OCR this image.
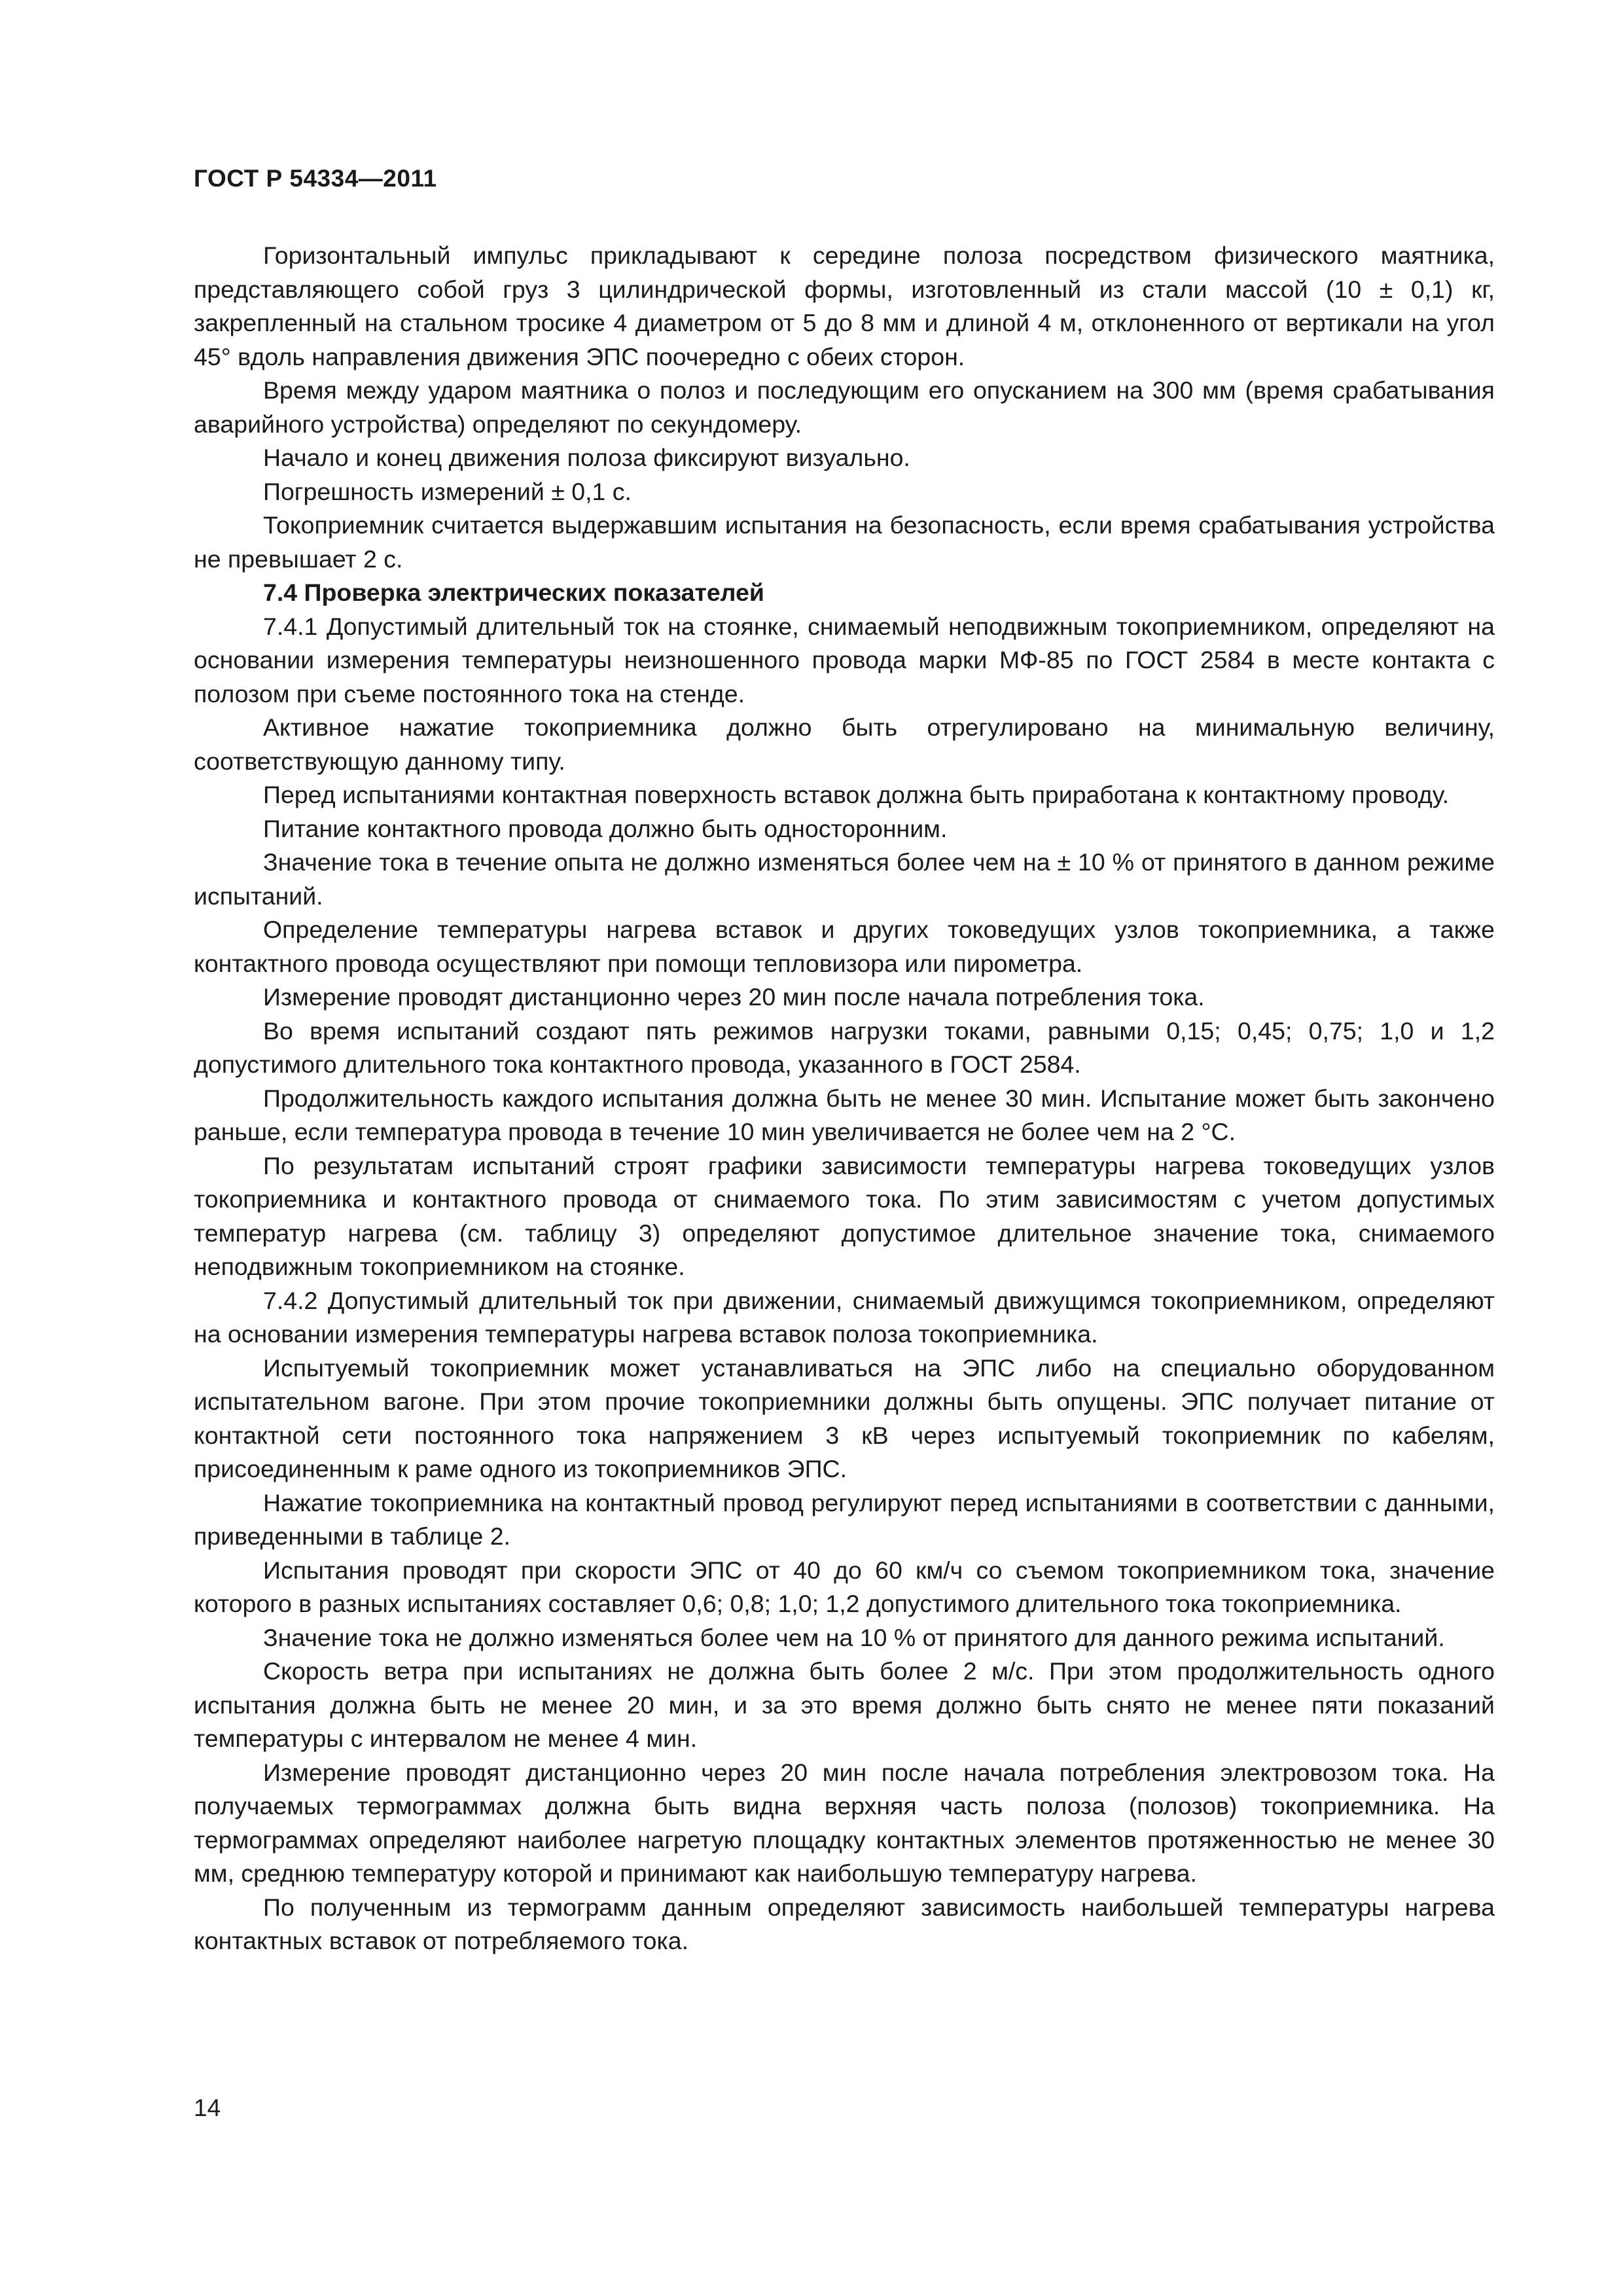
ГОСТ Р 54334—2011

Горизонтальный импульс прикладывают к середине полоза посредством физического маятника, представляющего собой груз 3 цилиндрической формы, изготовленный из стали массой (10 ± 0,1) кг, закрепленный на стальном тросике 4 диаметром от 5 до 8 мм и длиной 4 м, отклоненного от вертикали на угол 45° вдоль направления движения ЭПС поочередно с обеих сторон.

Время между ударом маятника о полоз и последующим его опусканием на 300 мм (время срабатывания аварийного устройства) определяют по секундомеру.

Начало и конец движения полоза фиксируют визуально.

Погрешность измерений ± 0,1 с.

Токоприемник считается выдержавшим испытания на безопасность, если время срабатывания устройства не превышает 2 с.

7.4 Проверка электрических показателей

7.4.1 Допустимый длительный ток на стоянке, снимаемый неподвижным токоприемником, определяют на основании измерения температуры неизношенного провода марки МФ-85 по ГОСТ 2584 в месте контакта с полозом при съеме постоянного тока на стенде.

Активное нажатие токоприемника должно быть отрегулировано на минимальную величину, соответствующую данному типу.

Перед испытаниями контактная поверхность вставок должна быть приработана к контактному проводу.

Питание контактного провода должно быть односторонним.

Значение тока в течение опыта не должно изменяться более чем на ± 10 % от принятого в данном режиме испытаний.

Определение температуры нагрева вставок и других токоведущих узлов токоприемника, а также контактного провода осуществляют при помощи тепловизора или пирометра.

Измерение проводят дистанционно через 20 мин после начала потребления тока.

Во время испытаний создают пять режимов нагрузки токами, равными 0,15; 0,45; 0,75; 1,0 и 1,2 допустимого длительного тока контактного провода, указанного в ГОСТ 2584.

Продолжительность каждого испытания должна быть не менее 30 мин. Испытание может быть закончено раньше, если температура провода в течение 10 мин увеличивается не более чем на 2 °С.

По результатам испытаний строят графики зависимости температуры нагрева токоведущих узлов токоприемника и контактного провода от снимаемого тока. По этим зависимостям с учетом допустимых температур нагрева (см. таблицу 3) определяют допустимое длительное значение тока, снимаемого неподвижным токоприемником на стоянке.

7.4.2 Допустимый длительный ток при движении, снимаемый движущимся токоприемником, определяют на основании измерения температуры нагрева вставок полоза токоприемника.

Испытуемый токоприемник может устанавливаться на ЭПС либо на специально оборудованном испытательном вагоне. При этом прочие токоприемники должны быть опущены. ЭПС получает питание от контактной сети постоянного тока напряжением 3 кВ через испытуемый токоприемник по кабелям, присоединенным к раме одного из токоприемников ЭПС.

Нажатие токоприемника на контактный провод регулируют перед испытаниями в соответствии с данными, приведенными в таблице 2.

Испытания проводят при скорости ЭПС от 40 до 60 км/ч со съемом токоприемником тока, значение которого в разных испытаниях составляет 0,6; 0,8; 1,0; 1,2 допустимого длительного тока токоприемника.

Значение тока не должно изменяться более чем на 10 % от принятого для данного режима испытаний.

Скорость ветра при испытаниях не должна быть более 2 м/с. При этом продолжительность одного испытания должна быть не менее 20 мин, и за это время должно быть снято не менее пяти показаний температуры с интервалом не менее 4 мин.

Измерение проводят дистанционно через 20 мин после начала потребления электровозом тока. На получаемых термограммах должна быть видна верхняя часть полоза (полозов) токоприемника. На термограммах определяют наиболее нагретую площадку контактных элементов протяженностью не менее 30 мм, среднюю температуру которой и принимают как наибольшую температуру нагрева.

По полученным из термограмм данным определяют зависимость наибольшей температуры нагрева контактных вставок от потребляемого тока.

14
